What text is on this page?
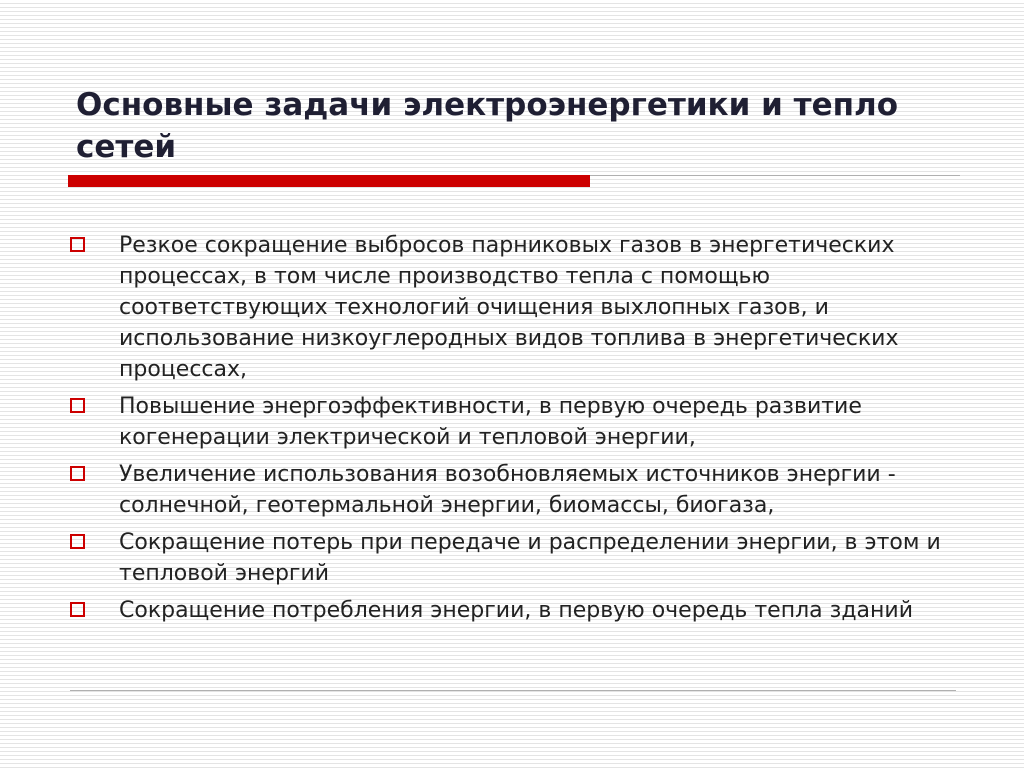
Основные задачи электроэнергетики и тепло сетей
Резкое сокращение выбросов парниковых газов в энергетических процессах, в том числе производство тепла с помощью соответствующих технологий очищения выхлопных газов, и использование низкоуглеродных видов топлива в энергетических процессах,
Повышение энергоэффективности, в первую очередь развитие когенерации электрической и тепловой энергии,
Увеличение использования возобновляемых источников энергии - солнечной, геотермальной энергии, биомассы, биогаза,
Сокращение потерь при передаче и распределении энергии, в этом и тепловой энергий
Сокращение потребления энергии, в первую очередь тепла зданий
